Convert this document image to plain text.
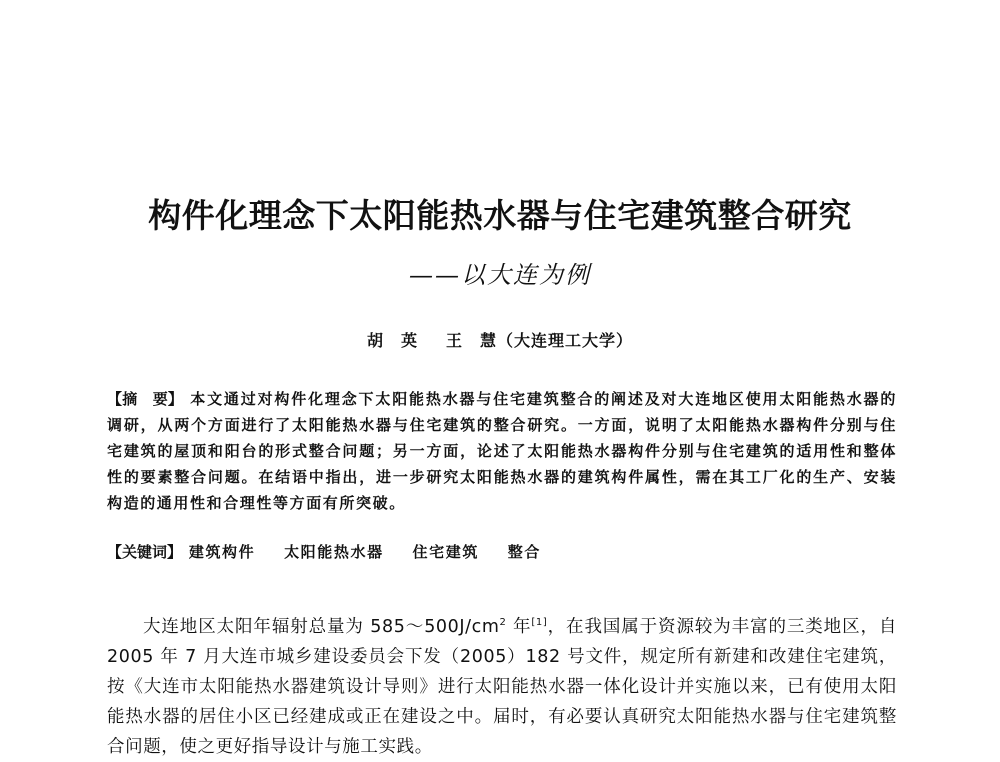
构件化理念下太阳能热水器与住宅建筑整合研究
——以大连为例
胡　英 王　慧（大连理工大学）
【摘　要】 本文通过对构件化理念下太阳能热水器与住宅建筑整合的阐述及对大连地区使用太阳能热水器的调研，从两个方面进行了太阳能热水器与住宅建筑的整合研究。一方面，说明了太阳能热水器构件分别与住宅建筑的屋顶和阳台的形式整合问题；另一方面，论述了太阳能热水器构件分别与住宅建筑的适用性和整体性的要素整合问题。在结语中指出，进一步研究太阳能热水器的建筑构件属性，需在其工厂化的生产、安装构造的通用性和合理性等方面有所突破。
【关键词】 建筑构件 太阳能热水器 住宅建筑 整合

大连地区太阳年辐射总量为 $585\sim 500J/cm^2$ 年[1]，在我国属于资源较为丰富的三类地区，自 2005 年 7 月大连市城乡建设委员会下发（2005）182 号文件，规定所有新建和改建住宅建筑，按《大连市太阳能热水器建筑设计导则》进行太阳能热水器一体化设计并实施以来，已有使用太阳能热水器的居住小区已经建成或正在建设之中。届时，有必要认真研究太阳能热水器与住宅建筑整合问题，使之更好指导设计与施工实践。
